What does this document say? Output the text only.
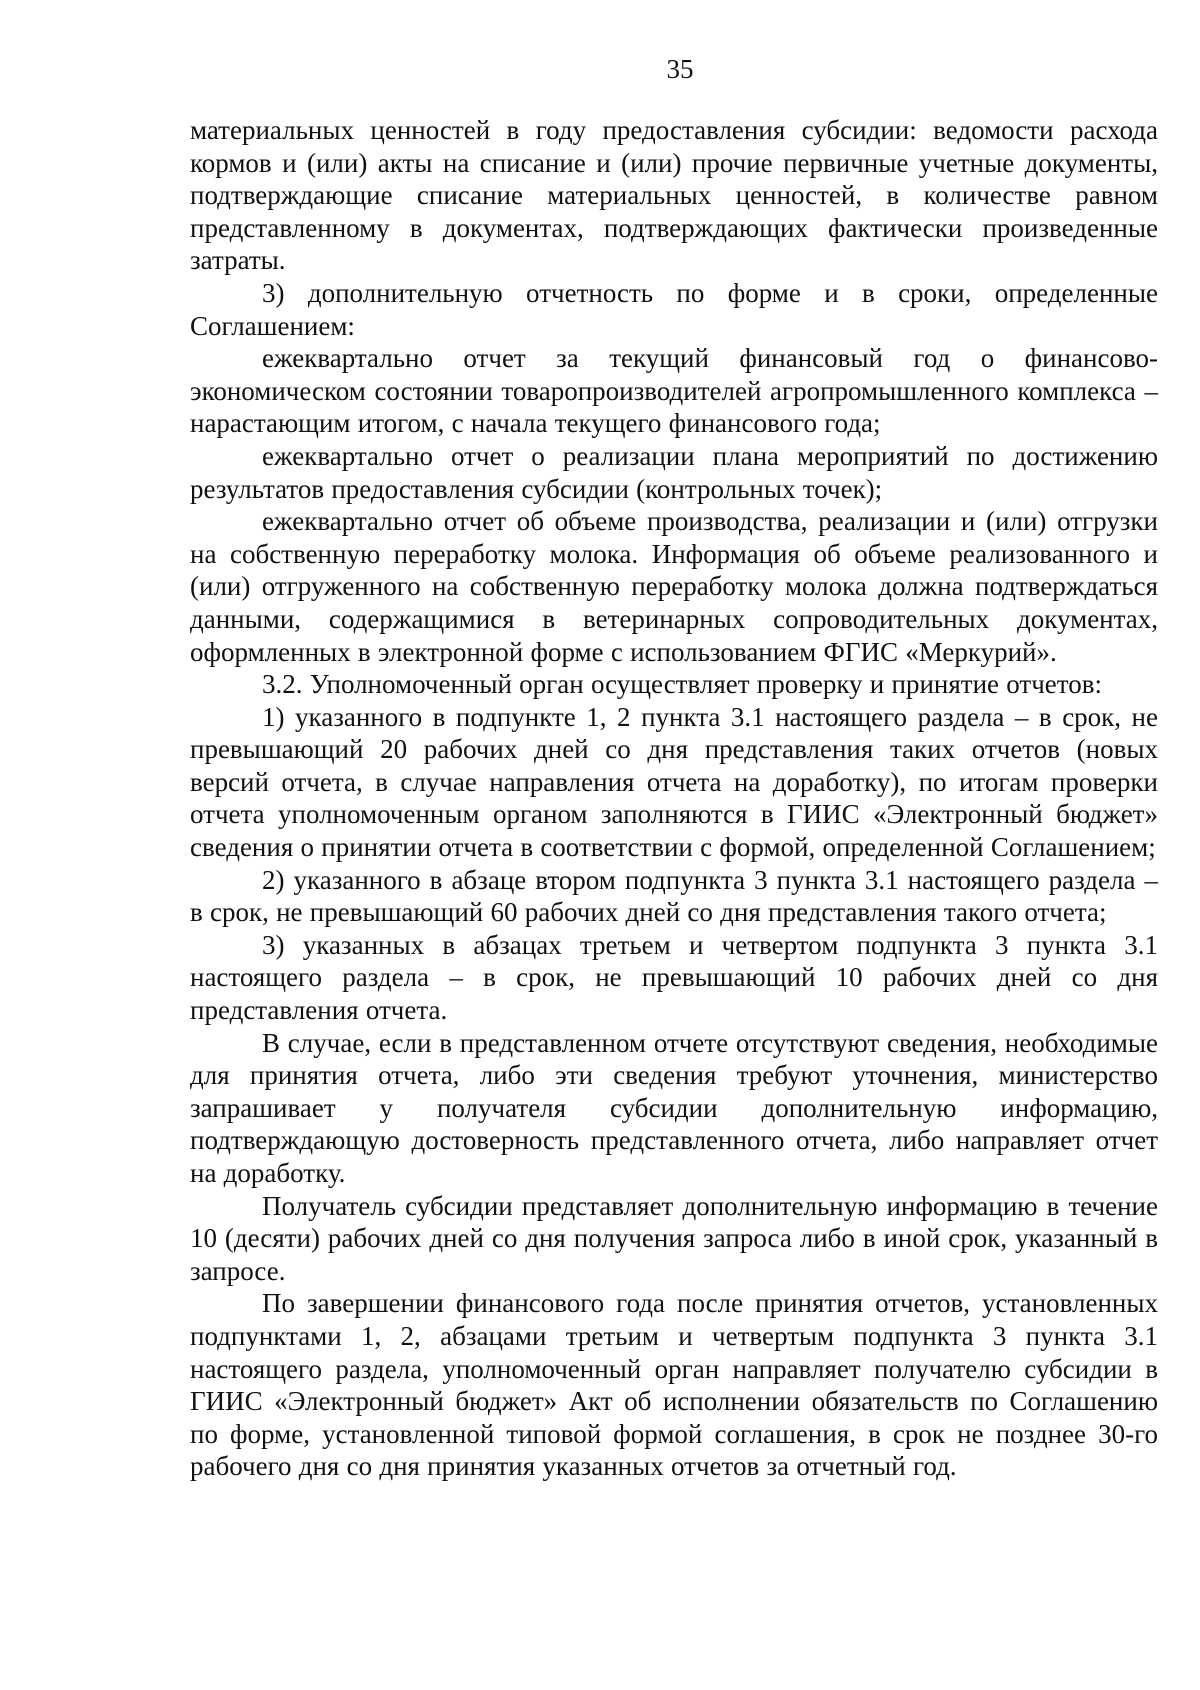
35

материальных ценностей в году предоставления субсидии: ведомости расхода кормов и (или) акты на списание и (или) прочие первичные учетные документы, подтверждающие списание материальных ценностей, в количестве равном представленному в документах, подтверждающих фактически произведенные затраты.

3) дополнительную отчетность по форме и в сроки, определенные Соглашением:

ежеквартально отчет за текущий финансовый год о финансово-экономическом состоянии товаропроизводителей агропромышленного комплекса – нарастающим итогом, с начала текущего финансового года;

ежеквартально отчет о реализации плана мероприятий по достижению результатов предоставления субсидии (контрольных точек);

ежеквартально отчет об объеме производства, реализации и (или) отгрузки на собственную переработку молока. Информация об объеме реализованного и (или) отгруженного на собственную переработку молока должна подтверждаться данными, содержащимися в ветеринарных сопроводительных документах, оформленных в электронной форме с использованием ФГИС «Меркурий».

3.2. Уполномоченный орган осуществляет проверку и принятие отчетов:

1) указанного в подпункте 1, 2 пункта 3.1 настоящего раздела – в срок, не превышающий 20 рабочих дней со дня представления таких отчетов (новых версий отчета, в случае направления отчета на доработку), по итогам проверки отчета уполномоченным органом заполняются в ГИИС «Электронный бюджет» сведения о принятии отчета в соответствии с формой, определенной Соглашением;

2) указанного в абзаце втором подпункта 3 пункта 3.1 настоящего раздела – в срок, не превышающий 60 рабочих дней со дня представления такого отчета;

3) указанных в абзацах третьем и четвертом подпункта 3 пункта 3.1 настоящего раздела – в срок, не превышающий 10 рабочих дней со дня представления отчета.

В случае, если в представленном отчете отсутствуют сведения, необходимые для принятия отчета, либо эти сведения требуют уточнения, министерство запрашивает у получателя субсидии дополнительную информацию, подтверждающую достоверность представленного отчета, либо направляет отчет на доработку.

Получатель субсидии представляет дополнительную информацию в течение 10 (десяти) рабочих дней со дня получения запроса либо в иной срок, указанный в запросе.

По завершении финансового года после принятия отчетов, установленных подпунктами 1, 2, абзацами третьим и четвертым подпункта 3 пункта 3.1 настоящего раздела, уполномоченный орган направляет получателю субсидии в ГИИС «Электронный бюджет» Акт об исполнении обязательств по Соглашению по форме, установленной типовой формой соглашения, в срок не позднее 30-го рабочего дня со дня принятия указанных отчетов за отчетный год.
